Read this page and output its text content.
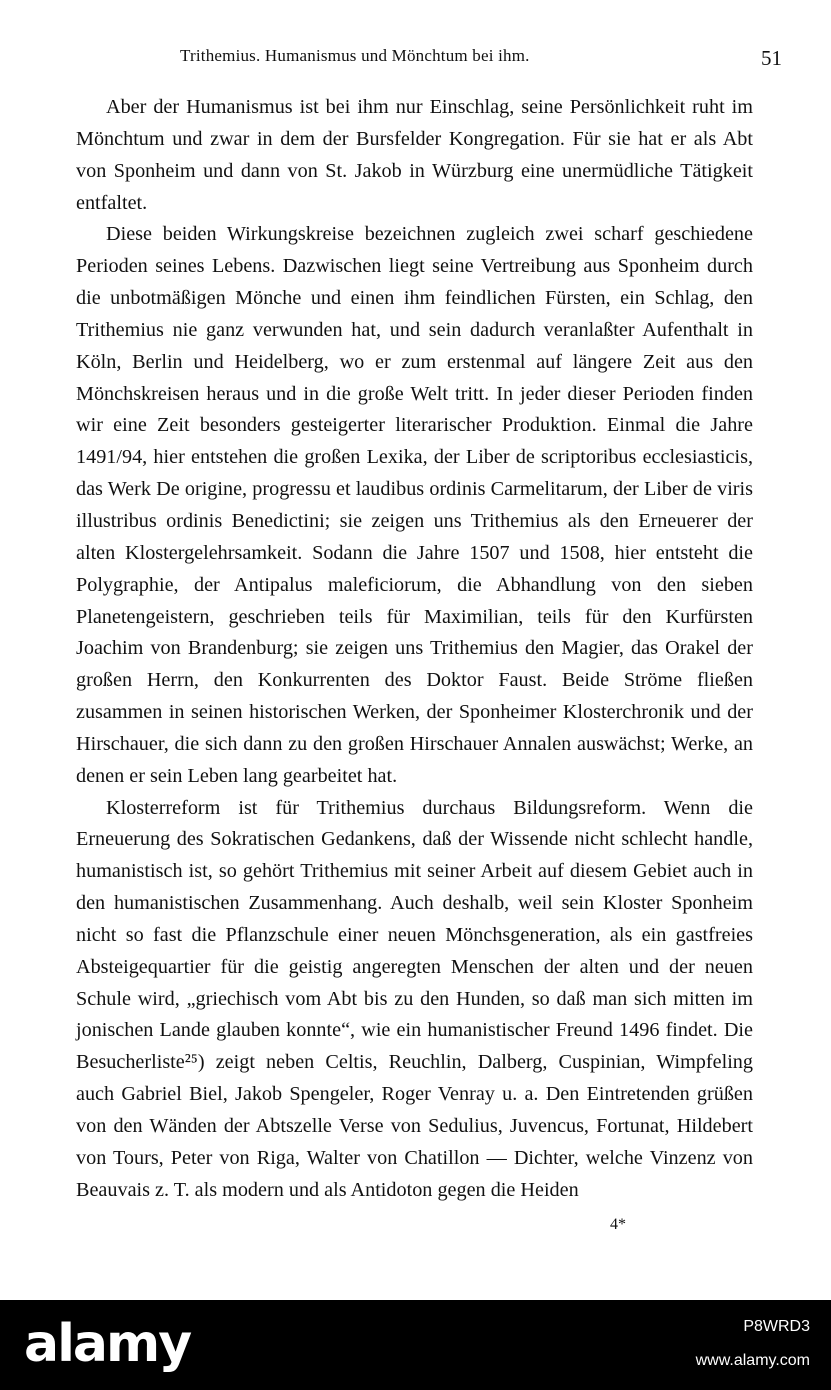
Trithemius. Humanismus und Mönchtum bei ihm.	51

Aber der Humanismus ist bei ihm nur Einschlag, seine Persönlichkeit ruht im Mönchtum und zwar in dem der Bursfelder Kongregation. Für sie hat er als Abt von Sponheim und dann von St. Jakob in Würzburg eine unermüdliche Tätigkeit entfaltet.

Diese beiden Wirkungskreise bezeichnen zugleich zwei scharf geschiedene Perioden seines Lebens. Dazwischen liegt seine Vertreibung aus Sponheim durch die unbotmäßigen Mönche und einen ihm feindlichen Fürsten, ein Schlag, den Trithemius nie ganz verwunden hat, und sein dadurch veranlaßter Aufenthalt in Köln, Berlin und Heidelberg, wo er zum erstenmal auf längere Zeit aus den Mönchskreisen heraus und in die große Welt tritt. In jeder dieser Perioden finden wir eine Zeit besonders gesteigerter literarischer Produktion. Einmal die Jahre 1491/94, hier entstehen die großen Lexika, der Liber de scriptoribus ecclesiasticis, das Werk De origine, progressu et laudibus ordinis Carmelitarum, der Liber de viris illustribus ordinis Benedictini; sie zeigen uns Trithemius als den Erneuerer der alten Klostergelehrsamkeit. Sodann die Jahre 1507 und 1508, hier entsteht die Polygraphie, der Antipalus maleficiorum, die Abhandlung von den sieben Planetengeistern, geschrieben teils für Maximilian, teils für den Kurfürsten Joachim von Brandenburg; sie zeigen uns Trithemius den Magier, das Orakel der großen Herrn, den Konkurrenten des Doktor Faust. Beide Ströme fließen zusammen in seinen historischen Werken, der Sponheimer Klosterchronik und der Hirschauer, die sich dann zu den großen Hirschauer Annalen auswächst; Werke, an denen er sein Leben lang gearbeitet hat.

Klosterreform ist für Trithemius durchaus Bildungsreform. Wenn die Erneuerung des Sokratischen Gedankens, daß der Wissende nicht schlecht handle, humanistisch ist, so gehört Trithemius mit seiner Arbeit auf diesem Gebiet auch in den humanistischen Zusammenhang. Auch deshalb, weil sein Kloster Sponheim nicht so fast die Pflanzschule einer neuen Mönchsgeneration, als ein gastfreies Absteigequartier für die geistig angeregten Menschen der alten und der neuen Schule wird, „griechisch vom Abt bis zu den Hunden, so daß man sich mitten im jonischen Lande glauben konnte“, wie ein humanistischer Freund 1496 findet. Die Besucherliste²⁵) zeigt neben Celtis, Reuchlin, Dalberg, Cuspinian, Wimpfeling auch Gabriel Biel, Jakob Spengeler, Roger Venray u. a. Den Eintretenden grüßen von den Wänden der Abtszelle Verse von Sedulius, Juvencus, Fortunat, Hildebert von Tours, Peter von Riga, Walter von Chatillon — Dichter, welche Vinzenz von Beauvais z. T. als modern und als Antidoton gegen die Heiden

4*
alamy	P8WRD3
www.alamy.com
